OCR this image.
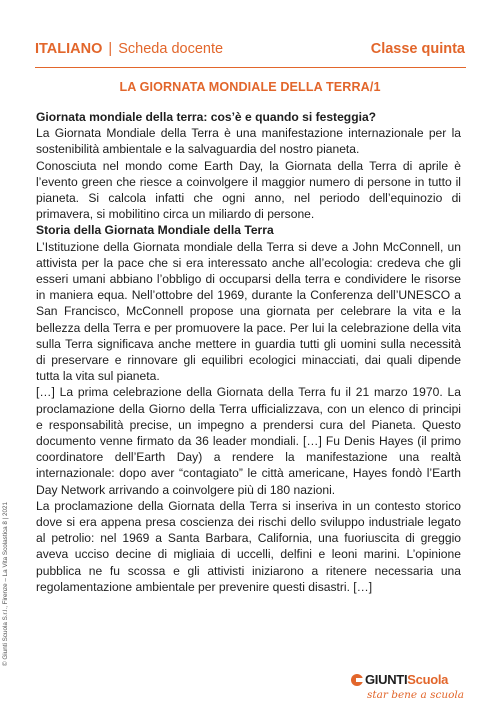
ITALIANO | Scheda docente	Classe quinta
LA GIORNATA MONDIALE DELLA TERRA/1
Giornata mondiale della terra: cos’è e quando si festeggia?

La Giornata Mondiale della Terra è una manifestazione internazionale per la sostenibilità ambientale e la salvaguardia del nostro pianeta.

Conosciuta nel mondo come Earth Day, la Giornata della Terra di aprile è l’evento green che riesce a coinvolgere il maggior numero di persone in tutto il pianeta. Si calcola infatti che ogni anno, nel periodo dell’equinozio di primavera, si mobilitino circa un miliardo di persone.

Storia della Giornata Mondiale della Terra

L’Istituzione della Giornata mondiale della Terra si deve a John McConnell, un attivista per la pace che si era interessato anche all’ecologia: credeva che gli esseri umani abbiano l’obbligo di occuparsi della terra e condividere le risorse in maniera equa. Nell’ottobre del 1969, durante la Conferenza dell’UNESCO a San Francisco, McConnell propose una giornata per celebrare la vita e la bellezza della Terra e per promuovere la pace. Per lui la celebrazione della vita sulla Terra significava anche mettere in guardia tutti gli uomini sulla necessità di preservare e rinnovare gli equilibri ecologici minacciati, dai quali dipende tutta la vita sul pianeta.

[…] La prima celebrazione della Giornata della Terra fu il 21 marzo 1970. La proclamazione della Giorno della Terra ufficializzava, con un elenco di principi e responsabilità precise, un impegno a prendersi cura del Pianeta. Questo documento venne firmato da 36 leader mondiali. […] Fu Denis Hayes (il primo coordinatore dell’Earth Day) a rendere la manifestazione una realtà internazionale: dopo aver “contagiato” le città americane, Hayes fondò l’Earth Day Network arrivando a coinvolgere più di 180 nazioni.

La proclamazione della Giornata della Terra si inseriva in un contesto storico dove si era appena presa coscienza dei rischi dello sviluppo industriale legato al petrolio: nel 1969 a Santa Barbara, California, una fuoriuscita di greggio aveva ucciso decine di migliaia di uccelli, delfini e leoni marini. L’opinione pubblica ne fu scossa e gli attivisti iniziarono a ritenere necessaria una regolamentazione ambientale per prevenire questi disastri. […]

© Giunti Scuola S.r.l., Firenze – La Vita Scolastica 8 | 2021
GIUNTI Scuola
star bene a scuola
